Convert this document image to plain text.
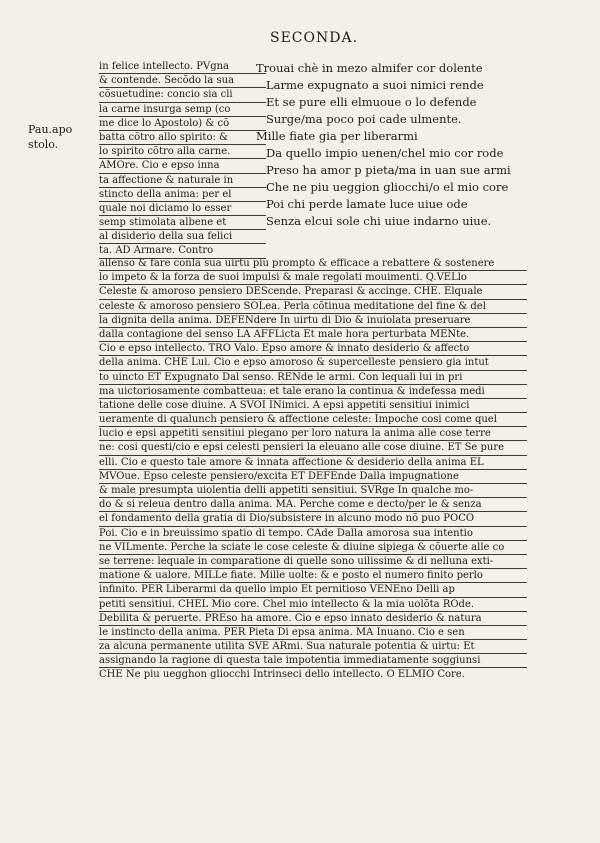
SECONDA.
Pau.apo
stolo.
in felice intellecto. PVgna
& contende. Secõdo la sua
cõsuetudine: concio sia cli
la carne insurga semp (co
me dice lo Apostolo) & cõ
batta cõtro allo spirito: &
lo spirito cõtro alla carne.
AMOre. Cio e epso inna
ta affectione & naturale in
stincto della anima: per el
quale noi diciamo lo esser
semp stimolata albene et
al disiderio della sua felici
ta. AD Armare. Contro
Trouai chè in mezo almifer cor dolente
Larme expugnato a suoi nimici rende
Et se pure elli elmuoue o lo defende
Surge/ma poco poi cade ulmente.
Mille fiate gia per liberarmi
Da quello impio uenen/chel mio cor rode
Preso ha amor p pieta/ma in uan sue armi
Che ne piu ueggion gliocchi/o el mio core
Poi chi perde lamate luce uiue ode
Senza elcui sole chi uiue indarno uiue.
allenso & fare conla sua uirtu piu prompto & efficace a rebattere & sostenere
lo impeto & la forza de suoi impulsi & male regolati mouimenti. Q.VELlo
Celeste & amoroso pensiero DEScende. Preparasi & accinge. CHE. Elquale
celeste & amoroso pensiero SOLea. Perla cõtinua meditatione del fine & del
la dignita della anima. DEFENdere In uirtu di Dio & inuiolata preseruare
dalla contagione del senso LA AFFLicta Et male hora perturbata MENte.
Cio e epso intellecto. TRO Valo. Epso amore & innato desiderio & affecto
della anima. CHE Lui. Cio e epso amoroso & supercelleste pensiero gia intut
to uincto ET Expugnato Dal senso. RENde le armi. Con lequali lui in pri
ma uictoriosamente combatteua: et tale erano la continua & indefessa medi
tatione delle cose diuine. A SVOI INimici. A epsi appetiti sensitiui inimici
ueramente di qualunch pensiero & affectione celeste: Impoche cosi come quel
lucio e epsi appetiti sensitiui piegano per loro natura la anima alle cose terre
ne: cosi questi/cio e epsi celesti pensieri la eleuano alle cose diuine. ET Se pure
elli. Cio e questo tale amore & innata affectione & desiderio della anima EL
MVOue. Epso celeste pensiero/excita ET DEFEnde Dalla impugnatione
& male presumpta uiolentia delli appetiti sensitiui. SVRge In qualche mo-
do & si releua dentro dalla anima. MA. Perche come e decto/per le & senza
el fondamento della gratia di Dio/subsistere in alcuno modo nõ puo POCO
Poi. Cio e in breuissimo spatio di tempo. CAde Dalla amorosa sua intentio
ne VILmente. Perche la sciate le cose celeste & diuine sipiega & cõuerte alle co
se terrene: lequale in comparatione di quelle sono uilissime & di nelluna exti-
matione & ualore. MILLe fiate. Mille uolte: & e posto el numero finito perlo
infinito. PER Liberarmi da quello impio Et pernitioso VENEno Delli ap
petiti sensitiui. CHEL Mio core. Chel mio intellecto & la mia uolõta ROde.
Debilita & peruerte. PREso ha amore. Cio e epso innato desiderio & natura
le instincto della anima. PER Pieta Di epsa anima. MA Inuano. Cio e sen
za alcuna permanente utilita SVE ARmi. Sua naturale potentia & uirtu: Et
assignando la ragione di questa tale impotentia immediatamente soggiunsi
CHE Ne piu uegghon gliocchi Intrinseci dello intellecto. O ELMIO Core.
